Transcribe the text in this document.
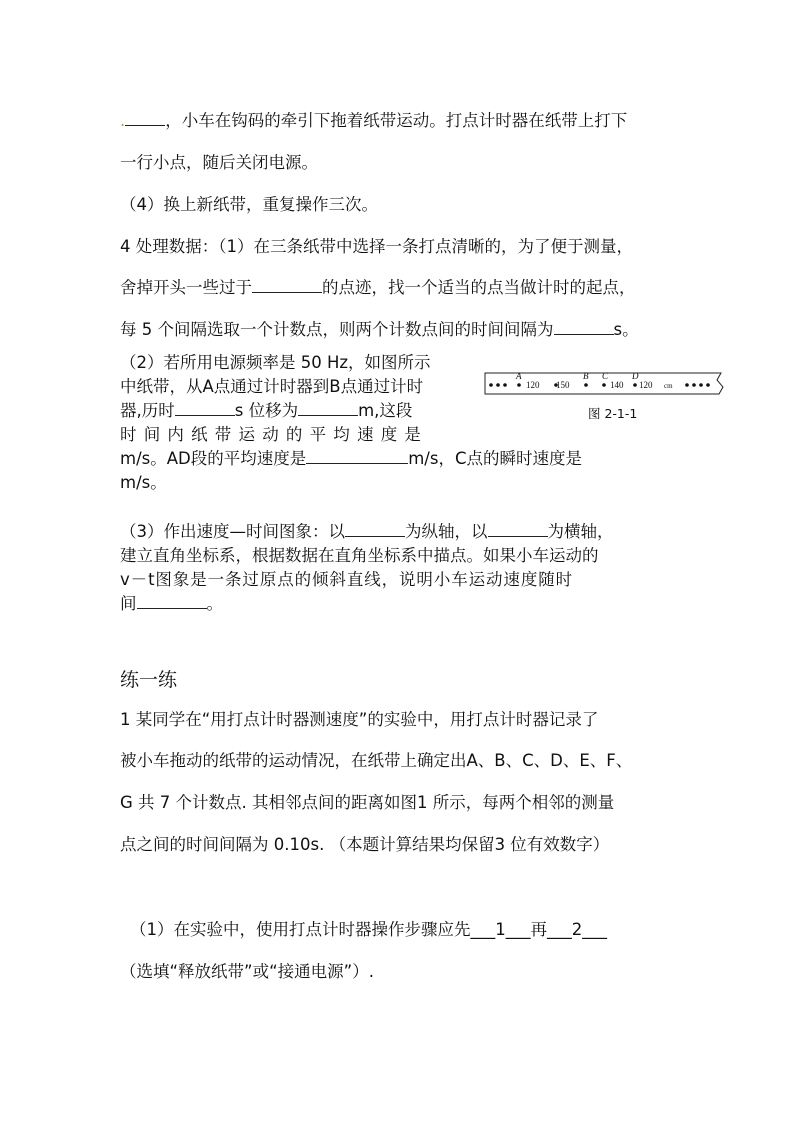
. ，小车在钩码的牵引下拖着纸带运动。打点计时器在纸带上打下
一行小点，随后关闭电源。
（4）换上新纸带，重复操作三次。
4 处理数据：（1）在三条纸带中选择一条打点清晰的，为了便于测量，
舍掉开头一些过于	的点迹，找一个适当的点当做计时的起点，
每 5 个间隔选取一个计数点，则两个计数点间的时间间隔为	s。
（2）若所用电源频率是 50 Hz，如图所示
中纸带，从A点通过计时器到B点通过计时
器,历时	s 位移为	m,这段
时间内纸带运动的平均速度是
m/s。AD段的平均速度是	m/s，C点的瞬时速度是
m/s。
A
120
B
150
C
140
D
120 cm
图 2-1-1
（3）作出速度—时间图象：以	为纵轴，以	为横轴，
建立直角坐标系，根据数据在直角坐标系中描点。如果小车运动的
v－t图象是一条过原点的倾斜直线，说明小车运动速度随时
间	。
练一练
1 某同学在“用打点计时器测速度”的实验中，用打点计时器记录了
被小车拖动的纸带的运动情况，在纸带上确定出A、B、C、D、E、F、
G 共 7 个计数点. 其相邻点间的距离如图1 所示，每两个相邻的测量
点之间的时间间隔为 0.10s. （本题计算结果均保留3 位有效数字）
（1）在实验中，使用打点计时器操作步骤应先___1___再___2___
（选填“释放纸带”或“接通电源”）.
